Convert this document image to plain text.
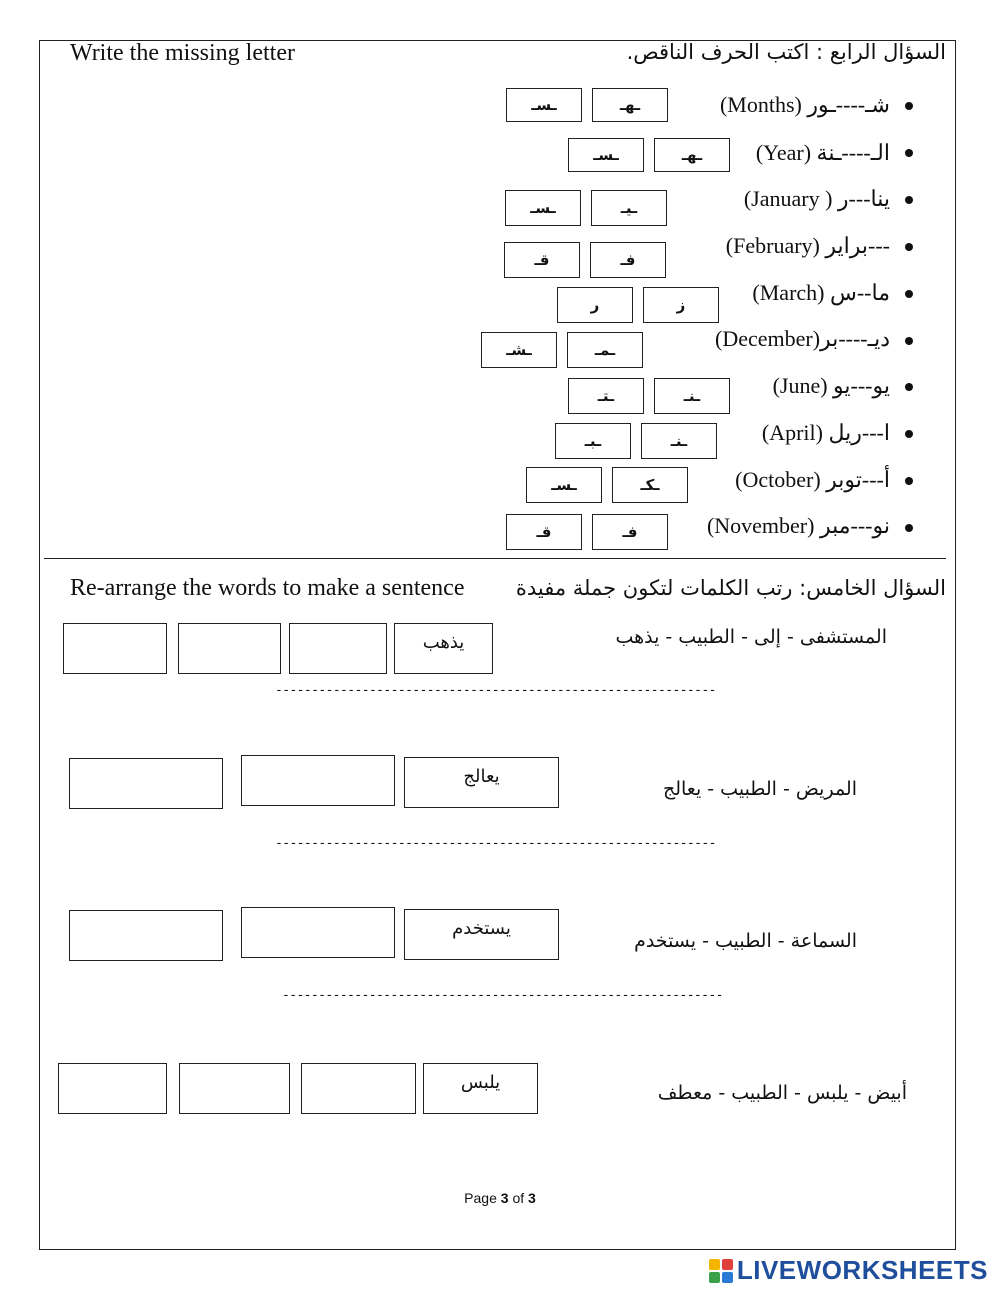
Write the missing letter	السؤال الرابع : اكتب الحرف الناقص.
شـ----ـور (Months)
ـهـ
ـسـ
الـ----ـنة (Year)
ـهـ
ـسـ
ينا---ر ( January)
ـيـ
ـسـ
---براير (February)
فـ
قـ
ما--س (March)
ز
ر
ديـ----بر(December)
ـمـ
ـشـ
يو---يو (June)
ـنـ
ـتـ
ا---ريل (April)
ـنـ
ـبـ
أ---توبر (October)
ـكـ
ـسـ
نو---مبر (November)
فـ
قـ
Re-arrange the words to make a sentence السؤال الخامس: رتب الكلمات لتكون جملة مفيدة
المستشفى - إلى - الطبيب - يذهب
يذهب
-------------------------------------------------------------
المريض - الطبيب - يعالج
يعالج
-------------------------------------------------------------
السماعة - الطبيب - يستخدم
يستخدم
-------------------------------------------------------------
أبيض - يلبس - الطبيب - معطف
يلبس
Page 3 of 3
LIVEWORKSHEETS
